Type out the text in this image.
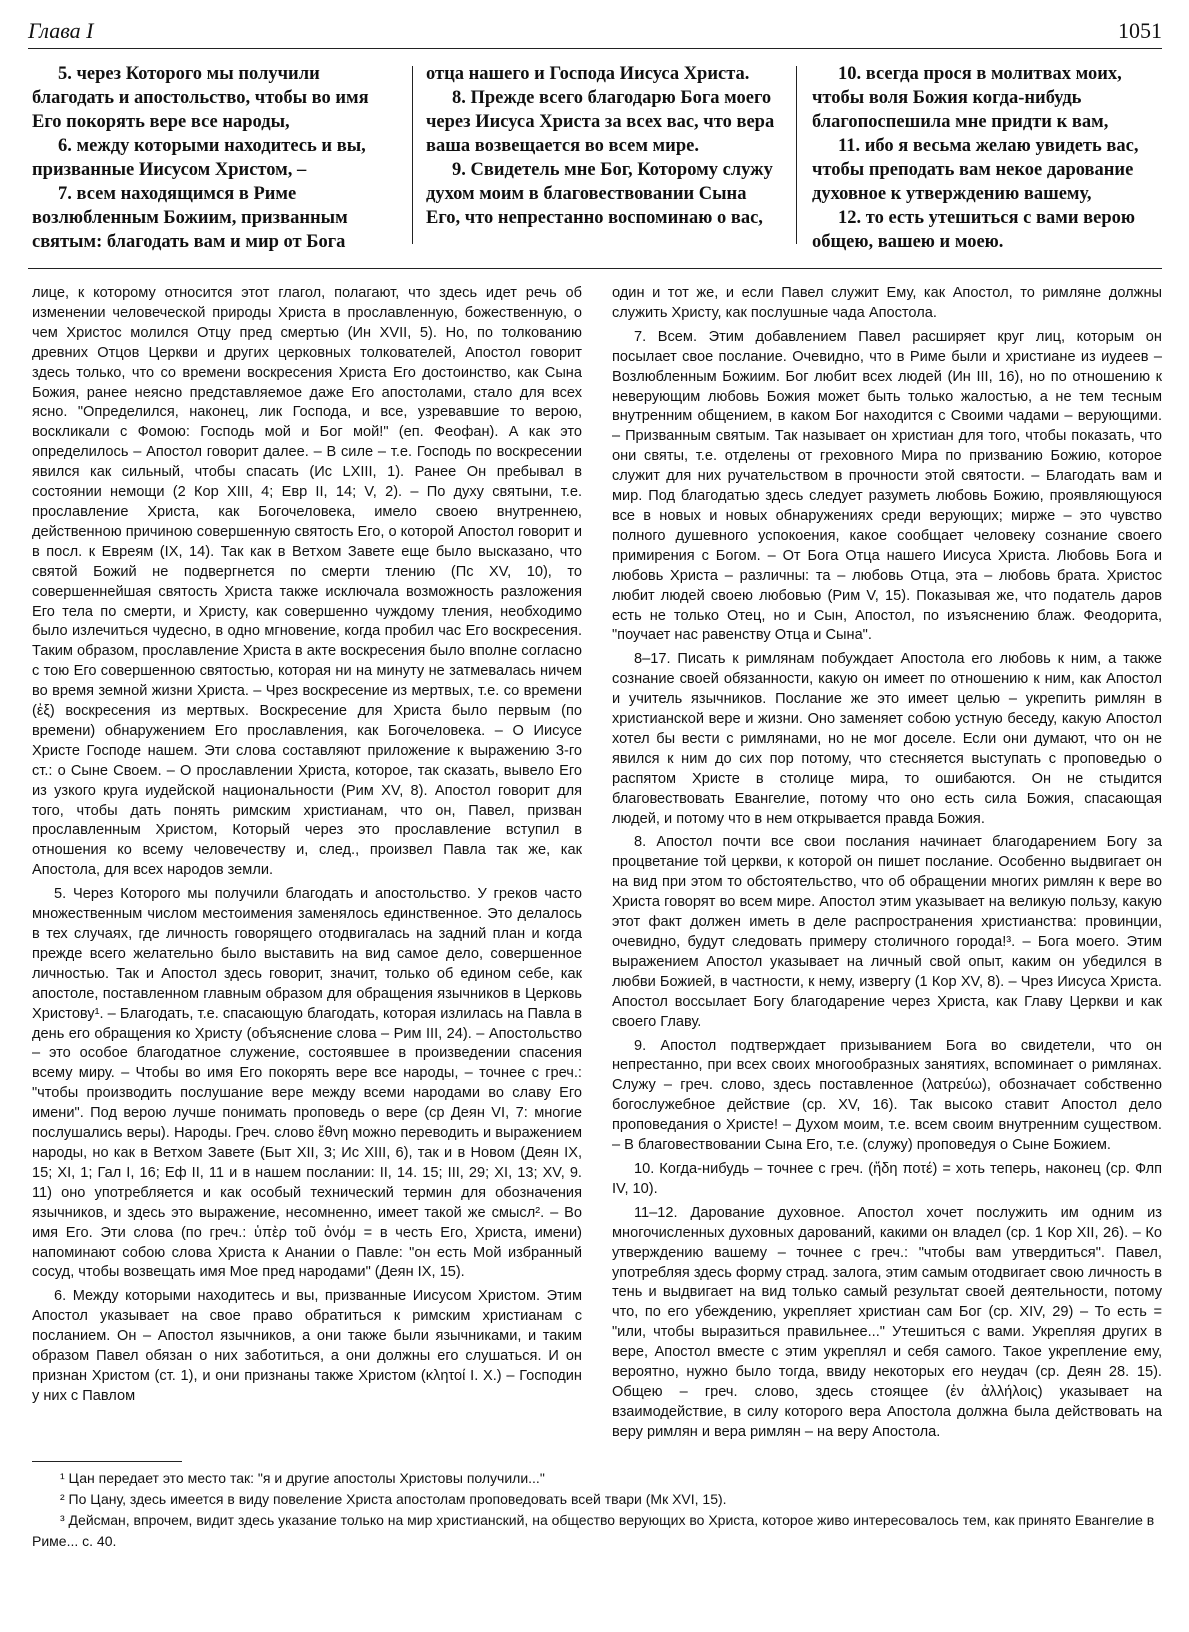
Глава I	1051

5. через Которого мы получили благодать и апостольство, чтобы во имя Его покорять вере все народы,

6. между которыми находитесь и вы, призванные Иисусом Христом, –

7. всем находящимся в Риме возлюбленным Божиим, призванным святым: благодать вам и мир от Бога

отца нашего и Господа Иисуса Христа.

8. Прежде всего благодарю Бога моего через Иисуса Христа за всех вас, что вера ваша возвещается во всем мире.

9. Свидетель мне Бог, Которому служу духом моим в благовествовании Сына Его, что непрестанно воспоминаю о вас,

10. всегда прося в молитвах моих, чтобы воля Божия когда-нибудь благопоспешила мне придти к вам,

11. ибо я весьма желаю увидеть вас, чтобы преподать вам некое дарование духовное к утверждению вашему,

12. то есть утешиться с вами верою общею, вашею и моею.

лице, к которому относится этот глагол, полагают, что здесь идет речь об изменении человеческой природы Христа в прославленную, божественную, о чем Христос молился Отцу пред смертью (Ин XVII, 5). Но, по толкованию древних Отцов Церкви и других церковных толкователей, Апостол говорит здесь только, что со времени воскресения Христа Его достоинство, как Сына Божия, ранее неясно представляемое даже Его апостолами, стало для всех ясно. "Определился, наконец, лик Господа, и все, узревавшие то верою, воскликали с Фомою: Господь мой и Бог мой!" (еп. Феофан). А как это определилось – Апостол говорит далее. – В силе – т.е. Господь по воскресении явился как сильный, чтобы спасать (Ис LXIII, 1). Ранее Он пребывал в состоянии немощи (2 Кор XIII, 4; Евр II, 14; V, 2). – По духу святыни, т.е. прославление Христа, как Богочеловека, имело своею внутреннею, действенною причиною совершенную святость Его, о которой Апостол говорит и в посл. к Евреям (IX, 14). Так как в Ветхом Завете еще было высказано, что святой Божий не подвергнется по смерти тлению (Пс XV, 10), то совершеннейшая святость Христа также исключала возможность разложения Его тела по смерти, и Христу, как совершенно чуждому тления, необходимо было излечиться чудесно, в одно мгновение, когда пробил час Его воскресения. Таким образом, прославление Христа в акте воскресения было вполне согласно с тою Его совершенною святостью, которая ни на минуту не затмевалась ничем во время земной жизни Христа. – Чрез воскресение из мертвых, т.е. со времени (ἐξ) воскресения из мертвых. Воскресение для Христа было первым (по времени) обнаружением Его прославления, как Богочеловека. – О Иисусе Христе Господе нашем. Эти слова составляют приложение к выражению 3-го ст.: о Сыне Своем. – О прославлении Христа, которое, так сказать, вывело Его из узкого круга иудейской национальности (Рим XV, 8). Апостол говорит для того, чтобы дать понять римским христианам, что он, Павел, призван прославленным Христом, Который через это прославление вступил в отношения ко всему человечеству и, след., произвел Павла так же, как Апостола, для всех народов земли.

5. Через Которого мы получили благодать и апостольство. У греков часто множественным числом местоимения заменялось единственное. Это делалось в тех случаях, где личность говорящего отодвигалась на задний план и когда прежде всего желательно было выставить на вид самое дело, совершенное личностью. Так и Апостол здесь говорит, значит, только об едином себе, как апостоле, поставленном главным образом для обращения язычников в Церковь Христову¹. – Благодать, т.е. спасающую благодать, которая излилась на Павла в день его обращения ко Христу (объяснение слова – Рим III, 24). – Апостольство – это особое благодатное служение, состоявшее в произведении спасения всему миру. – Чтобы во имя Его покорять вере все народы, – точнее с греч.: "чтобы производить послушание вере между всеми народами во славу Его имени". Под верою лучше понимать проповедь о вере (ср Деян VI, 7: многие послушались веры). Народы. Греч. слово ἔθνη можно переводить и выражением народы, но как в Ветхом Завете (Быт XII, 3; Ис XIII, 6), так и в Новом (Деян IX, 15; XI, 1; Гал I, 16; Еф II, 11 и в нашем послании: II, 14. 15; III, 29; XI, 13; XV, 9. 11) оно употребляется и как особый технический термин для обозначения язычников, и здесь это выражение, несомненно, имеет такой же смысл². – Во имя Его. Эти слова (по греч.: ὑπὲρ τοῦ ὀνόμ = в честь Его, Христа, имени) напоминают собою слова Христа к Анании о Павле: "он есть Мой избранный сосуд, чтобы возвещать имя Мое пред народами" (Деян IX, 15).

6. Между которыми находитесь и вы, призванные Иисусом Христом. Этим Апостол указывает на свое право обратиться к римским христианам с посланием. Он – Апостол язычников, а они также были язычниками, и таким образом Павел обязан о них заботиться, а они должны его слушаться. И он признан Христом (ст. 1), и они признаны также Христом (κλητοί Ι. Χ.) – Господин у них с Павлом

один и тот же, и если Павел служит Ему, как Апостол, то римляне должны служить Христу, как послушные чада Апостола.

7. Всем. Этим добавлением Павел расширяет круг лиц, которым он посылает свое послание. Очевидно, что в Риме были и христиане из иудеев – Возлюбленным Божиим. Бог любит всех людей (Ин III, 16), но по отношению к неверующим любовь Божия может быть только жалостью, а не тем тесным внутренним общением, в каком Бог находится с Своими чадами – верующими. – Призванным святым. Так называет он христиан для того, чтобы показать, что они святы, т.е. отделены от греховного Мира по призванию Божию, которое служит для них ручательством в прочности этой святости. – Благодать вам и мир. Под благодатью здесь следует разуметь любовь Божию, проявляющуюся все в новых и новых обнаружениях среди верующих; миржe – это чувство полного душевного успокоения, какое сообщает человеку сознание своего примирения с Богом. – От Бога Отца нашего Иисуса Христа. Любовь Бога и любовь Христа – различны: та – любовь Отца, эта – любовь брата. Христос любит людей своею любовью (Рим V, 15). Показывая же, что податель даров есть не только Отец, но и Сын, Апостол, по изъяснению блаж. Феодорита, "поучает нас равенству Отца и Сына".

8–17. Писать к римлянам побуждает Апостола его любовь к ним, а также сознание своей обязанности, какую он имеет по отношению к ним, как Апостол и учитель язычников. Послание же это имеет целью – укрепить римлян в христианской вере и жизни. Оно заменяет собою устную беседу, какую Апостол хотел бы вести с римлянами, но не мог доселе. Если они думают, что он не явился к ним до сих пор потому, что стесняется выступать с проповедью о распятом Христе в столице мира, то ошибаются. Он не стыдится благовествовать Евангелие, потому что оно есть сила Божия, спасающая людей, и потому что в нем открывается правда Божия.

8. Апостол почти все свои послания начинает благодарением Богу за процветание той церкви, к которой он пишет послание. Особенно выдвигает он на вид при этом то обстоятельство, что об обращении многих римлян к вере во Христа говорят во всем мире. Апостол этим указывает на великую пользу, какую этот факт должен иметь в деле распространения христианства: провинции, очевидно, будут следовать примеру столичного города!³. – Бога моего. Этим выражением Апостол указывает на личный свой опыт, каким он убедился в любви Божией, в частности, к нему, извергу (1 Кор XV, 8). – Чрез Иисуса Христа. Апостол воссылает Богу благодарение через Христа, как Главу Церкви и как своего Главу.

9. Апостол подтверждает призыванием Бога во свидетели, что он непрестанно, при всех своих многообразных занятиях, вспоминает о римлянах. Служу – греч. слово, здесь поставленное (λατρεύω), обозначает собственно богослужебное действие (ср. XV, 16). Так высоко ставит Апостол дело проповедания о Христе! – Духом моим, т.е. всем своим внутренним существом. – В благовествовании Сына Его, т.е. (служу) проповедуя о Сыне Божием.

10. Когда-нибудь – точнее с греч. (ἤδη ποτέ) = хоть теперь, наконец (ср. Флп IV, 10).

11–12. Дарование духовное. Апостол хочет послужить им одним из многочисленных духовных дарований, какими он владел (ср. 1 Кор XII, 26). – Ко утверждению вашему – точнее с греч.: "чтобы вам утвердиться". Павел, употребляя здесь форму страд. залога, этим самым отодвигает свою личность в тень и выдвигает на вид только самый результат своей деятельности, потому что, по его убеждению, укрепляет христиан сам Бог (ср. XIV, 29) – То есть = "или, чтобы выразиться правильнее..." Утешиться с вами. Укрепляя других в вере, Апостол вместе с этим укреплял и себя самого. Такое укрепление ему, вероятно, нужно было тогда, ввиду некоторых его неудач (ср. Деян 28. 15). Общею – греч. слово, здесь стоящее (ἐν ἀλλήλοις) указывает на взаимодействие, в силу которого вера Апостола должна была действовать на веру римлян и вера римлян – на веру Апостола.

¹ Цан передает это место так: "я и другие апостолы Христовы получили..."

² По Цану, здесь имеется в виду повеление Христа апостолам проповедовать всей твари (Мк XVI, 15).

³ Дейсман, впрочем, видит здесь указание только на мир христианский, на общество верующих во Христа, которое живо интересовалось тем, как принято Евангелие в Риме... с. 40.
